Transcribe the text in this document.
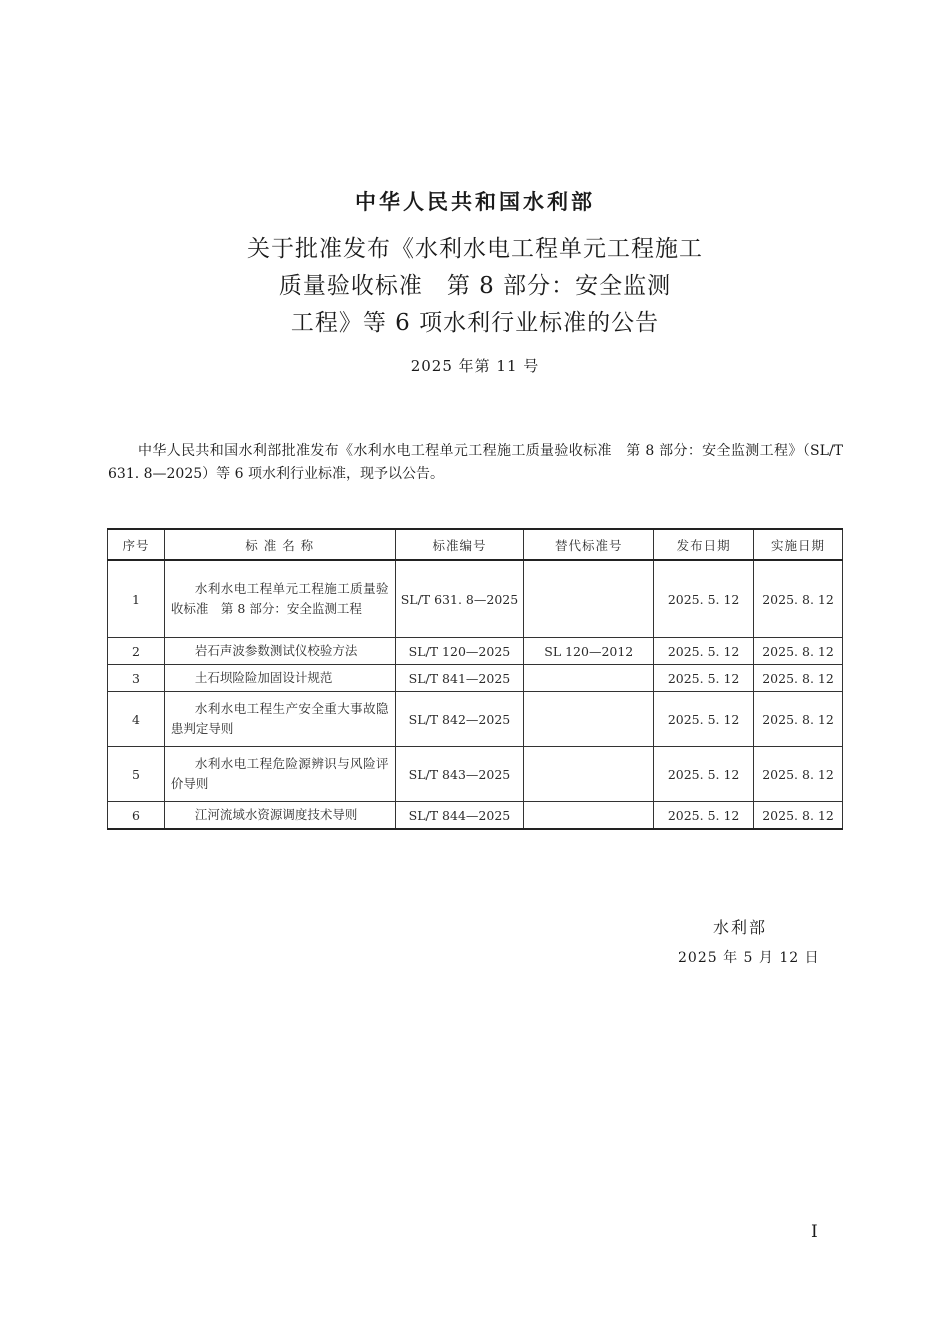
中华人民共和国水利部
关于批准发布《水利水电工程单元工程施工
质量验收标准　第 8 部分：安全监测
工程》等 6 项水利行业标准的公告
2025 年第 11 号

中华人民共和国水利部批准发布《水利水电工程单元工程施工质量验收标准　第 8 部分：安全监测工程》（SL/T 631. 8—2025）等 6 项水利行业标准，现予以公告。

序号	标 准 名 称	标准编号	替代标准号	发布日期	实施日期
1	水利水电工程单元工程施工质量验收标准　第 8 部分：安全监测工程	SL/T 631. 8—2025		2025. 5. 12	2025. 8. 12
2	岩石声波参数测试仪校验方法	SL/T 120—2025	SL 120—2012	2025. 5. 12	2025. 8. 12
3	土石坝险险加固设计规范	SL/T 841—2025		2025. 5. 12	2025. 8. 12
4	水利水电工程生产安全重大事故隐患判定导则	SL/T 842—2025		2025. 5. 12	2025. 8. 12
5	水利水电工程危险源辨识与风险评价导则	SL/T 843—2025		2025. 5. 12	2025. 8. 12
6	江河流域水资源调度技术导则	SL/T 844—2025		2025. 5. 12	2025. 8. 12
水利部
2025 年 5 月 12 日
I
